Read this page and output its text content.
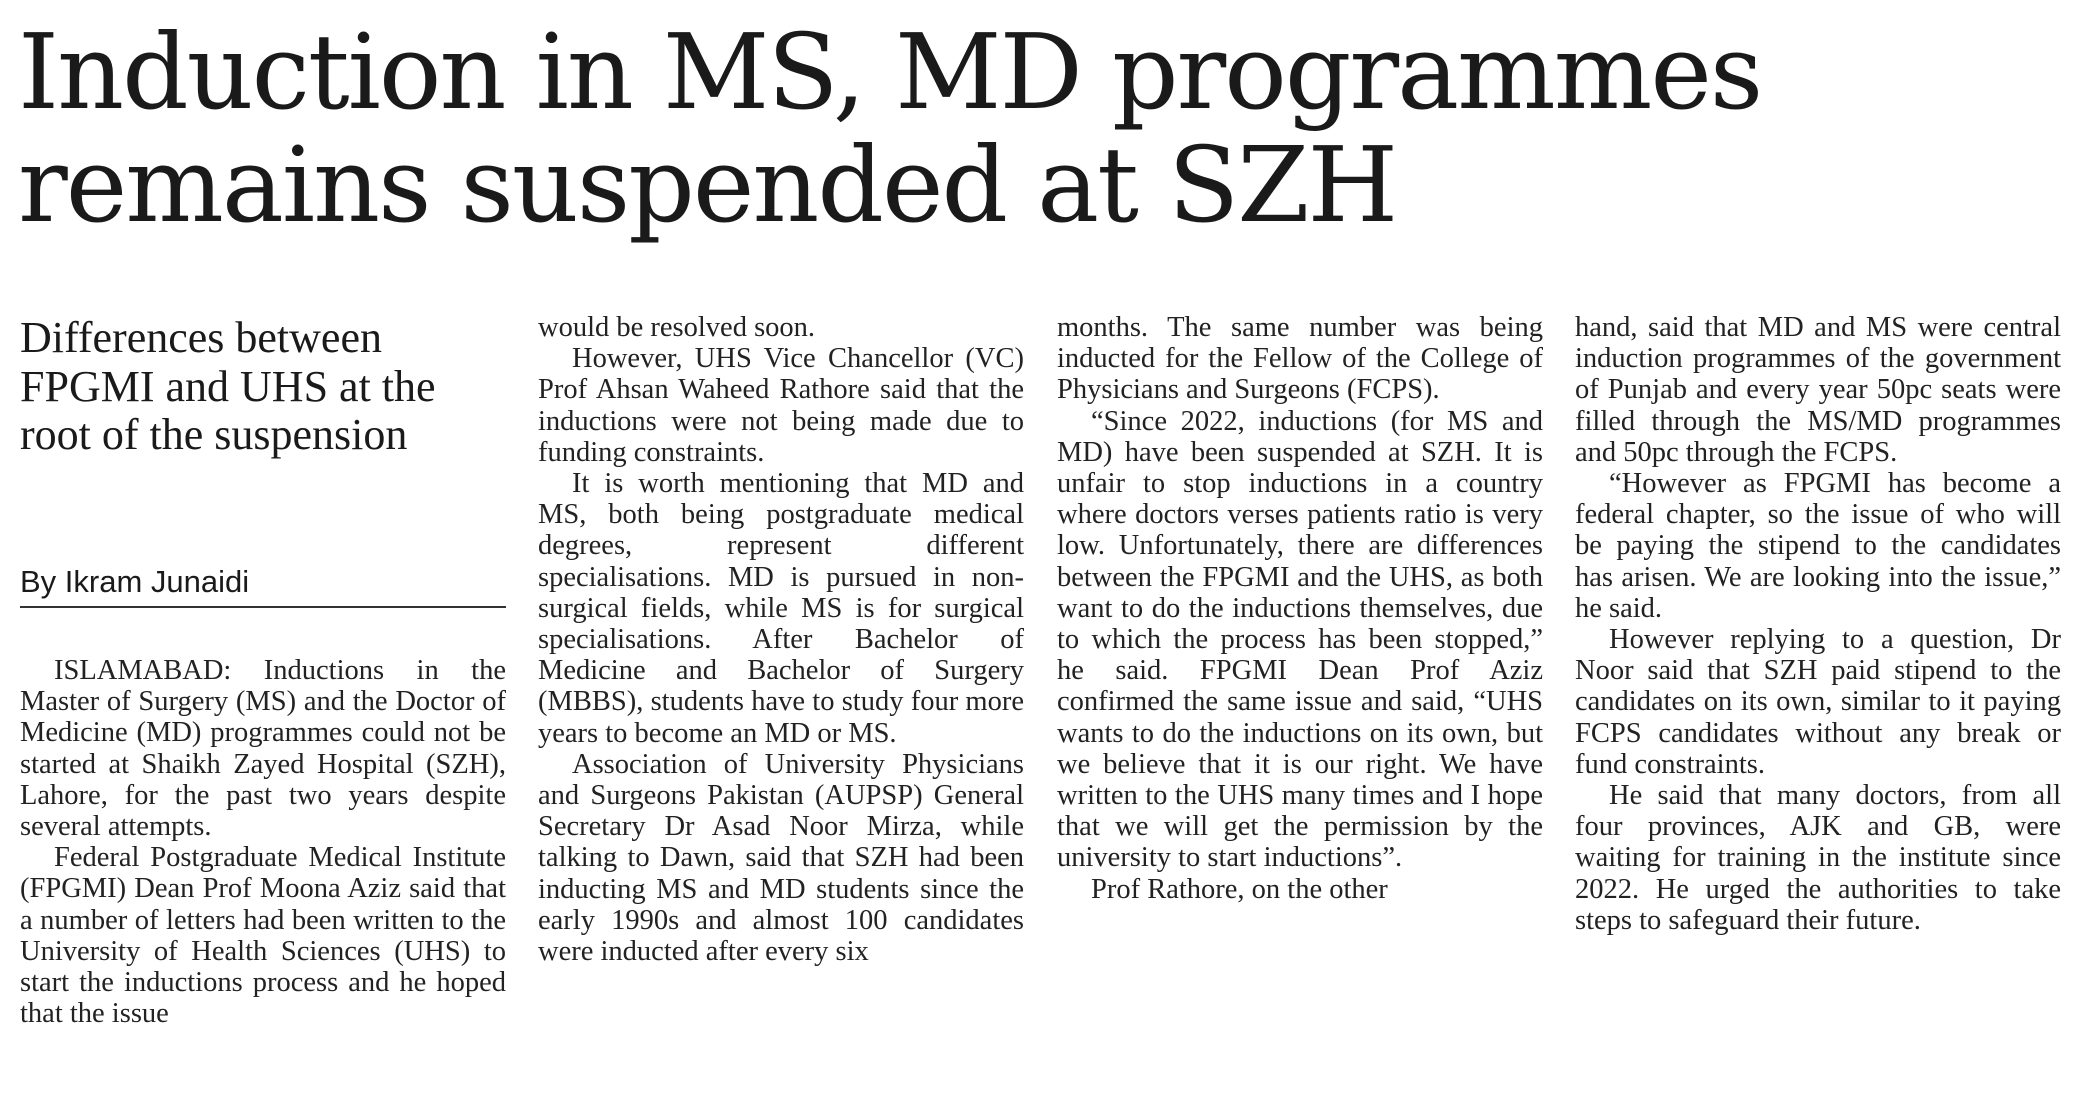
Induction in MS, MD programmes remains suspended at SZH
Differences between FPGMI and UHS at the root of the suspension
By Ikram Junaidi

ISLAMABAD: Inductions in the Master of Surgery (MS) and the Doctor of Medicine (MD) programmes could not be started at Shaikh Zayed Hospital (SZH), Lahore, for the past two years despite several attempts.

Federal Postgraduate Medical Institute (FPGMI) Dean Prof Moona Aziz said that a number of letters had been written to the University of Health Sciences (UHS) to start the inductions process and he hoped that the issue

would be resolved soon.

However, UHS Vice Chancellor (VC) Prof Ahsan Waheed Rathore said that the inductions were not being made due to funding constraints.

It is worth mentioning that MD and MS, both being postgraduate medical degrees, represent different specialisations. MD is pursued in non-surgical fields, while MS is for surgical specialisations. After Bachelor of Medicine and Bachelor of Surgery (MBBS), students have to study four more years to become an MD or MS.

Association of University Physicians and Surgeons Pakistan (AUPSP) General Secretary Dr Asad Noor Mirza, while talking to Dawn, said that SZH had been inducting MS and MD students since the early 1990s and almost 100 candidates were inducted after every six

months. The same number was being inducted for the Fellow of the College of Physicians and Surgeons (FCPS).

“Since 2022, inductions (for MS and MD) have been suspended at SZH. It is unfair to stop inductions in a country where doctors verses patients ratio is very low. Unfortunately, there are differences between the FPGMI and the UHS, as both want to do the inductions themselves, due to which the process has been stopped,” he said. FPGMI Dean Prof Aziz confirmed the same issue and said, “UHS wants to do the inductions on its own, but we believe that it is our right. We have written to the UHS many times and I hope that we will get the permission by the university to start inductions”.

Prof Rathore, on the other

hand, said that MD and MS were central induction programmes of the government of Punjab and every year 50pc seats were filled through the MS/MD programmes and 50pc through the FCPS.

“However as FPGMI has become a federal chapter, so the issue of who will be paying the stipend to the candidates has arisen. We are looking into the issue,” he said.

However replying to a question, Dr Noor said that SZH paid stipend to the candidates on its own, similar to it paying FCPS candidates without any break or fund constraints.

He said that many doctors, from all four provinces, AJK and GB, were waiting for training in the institute since 2022. He urged the authorities to take steps to safeguard their future.
